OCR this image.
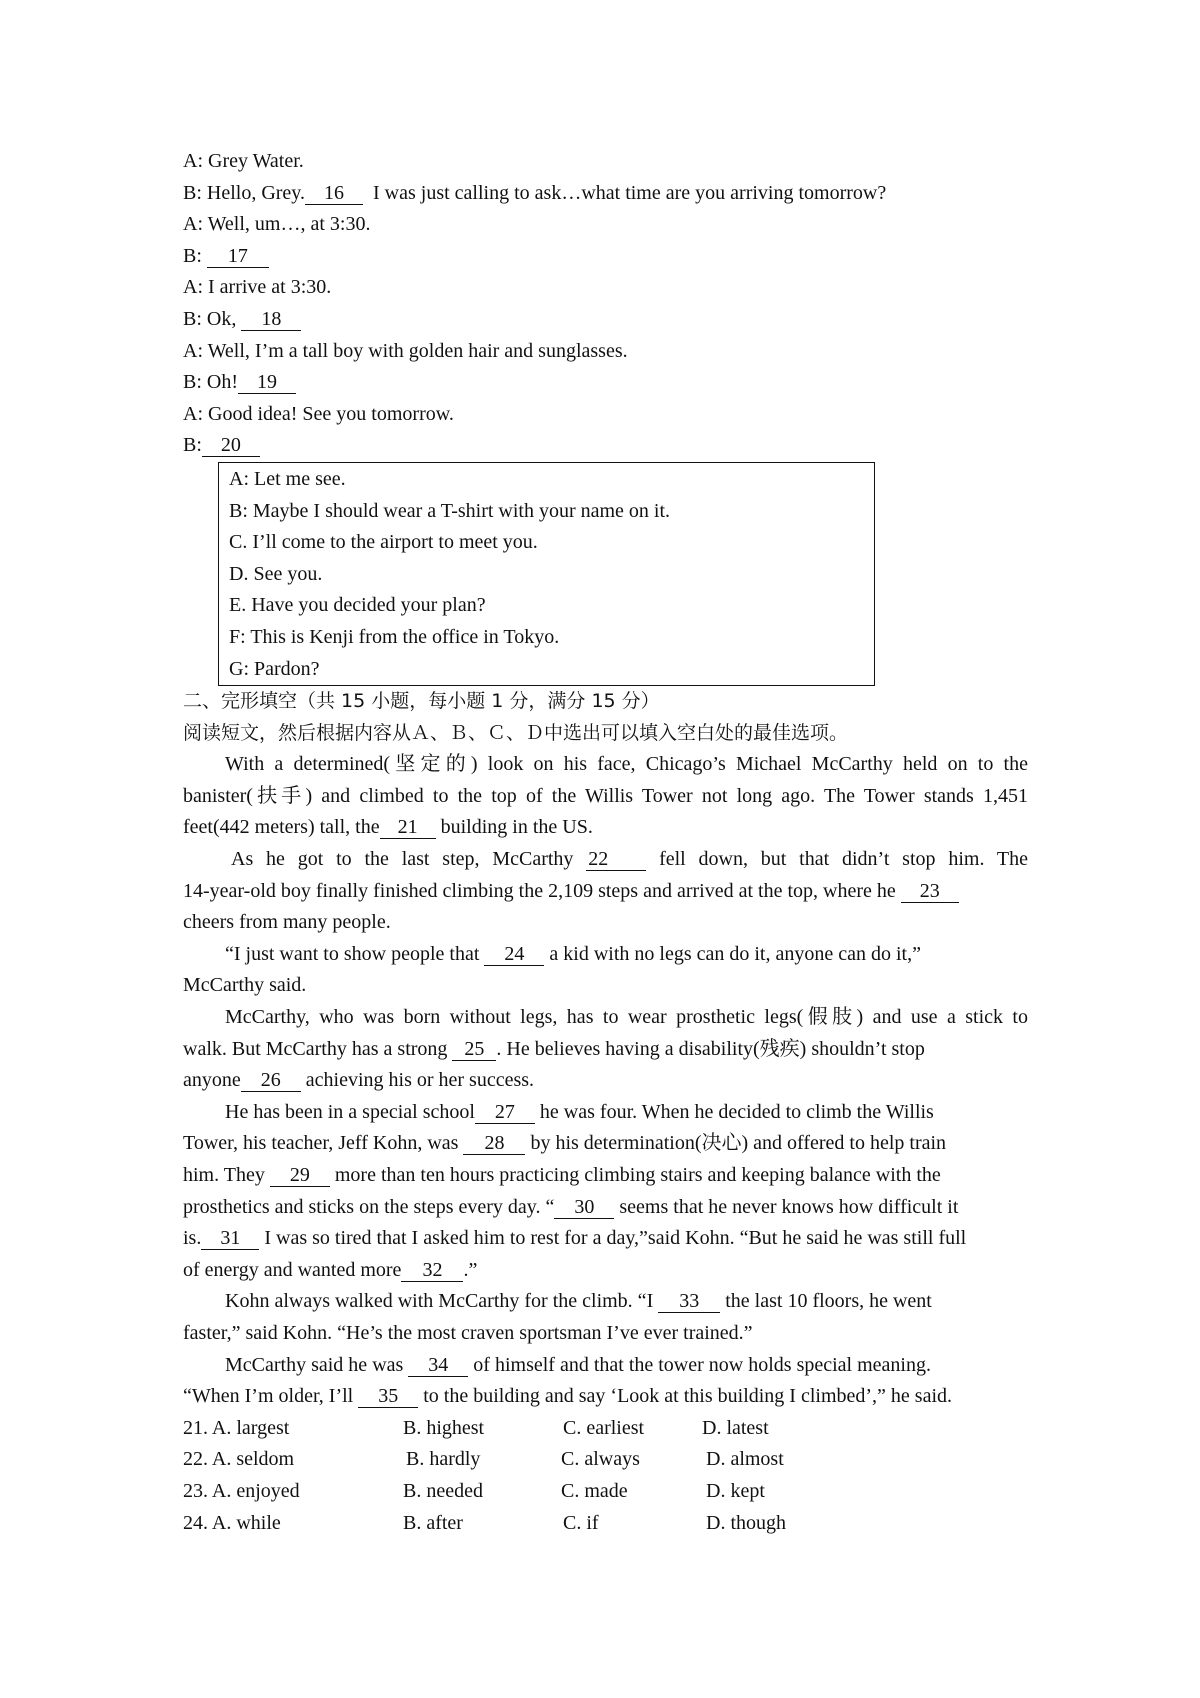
A: Grey Water.
B: Hello, Grey. 16  I was just calling to ask…what time are you arriving tomorrow?
A: Well, um…, at 3:30.
B: 17
A: I arrive at 3:30.
B: Ok, 18
A: Well, I’m a tall boy with golden hair and sunglasses.
B: Oh! 19
A: Good idea! See you tomorrow.
B: 20
A: Let me see.
B: Maybe I should wear a T-shirt with your name on it.
C. I’ll come to the airport to meet you.
D. See you.
E. Have you decided your plan?
F: This is Kenji from the office in Tokyo.
G: Pardon?
二、完形填空（共 15 小题，每小题 1 分，满分 15 分）
阅读短文，然后根据内容从Ａ、Ｂ、Ｃ、Ｄ中选出可以填入空白处的最佳选项。
With a determined(坚定的) look on his face, Chicago’s Michael McCarthy held on to the
banister(扶手) and climbed to the top of the Willis Tower not long ago. The Tower stands 1,451
feet(442 meters) tall, the 21 building in the US.
As he got to the last step, McCarthy 22 fell down, but that didn’t stop him. The
14-year-old boy finally finished climbing the 2,109 steps and arrived at the top, where he 23
cheers from many people.
“I just want to show people that 24 a kid with no legs can do it, anyone can do it,”
McCarthy said.
McCarthy, who was born without legs, has to wear prosthetic legs(假肢) and use a stick to
walk. But McCarthy has a strong 25 . He believes having a disability(残疾) shouldn’t stop
anyone 26 achieving his or her success.
He has been in a special school 27 he was four. When he decided to climb the Willis
Tower, his teacher, Jeff Kohn, was 28 by his determination(决心) and offered to help train
him. They 29 more than ten hours practicing climbing stairs and keeping balance with the
prosthetics and sticks on the steps every day. “ 30 seems that he never knows how difficult it
is. 31 I was so tired that I asked him to rest for a day,”said Kohn. “But he said he was still full
of energy and wanted more 32 .”
Kohn always walked with McCarthy for the climb. “I 33 the last 10 floors, he went
faster,” said Kohn. “He’s the most craven sportsman I’ve ever trained.”
McCarthy said he was 34 of himself and that the tower now holds special meaning.
“When I’m older, I’ll 35 to the building and say ‘Look at this building I climbed’,” he said.
21. A. largest	B. highest	C. earliest	D. latest
22. A. seldom	B. hardly	C. always	D. almost
23. A. enjoyed	B. needed	C. made	D. kept
24. A. while	B. after	C. if	D. though
